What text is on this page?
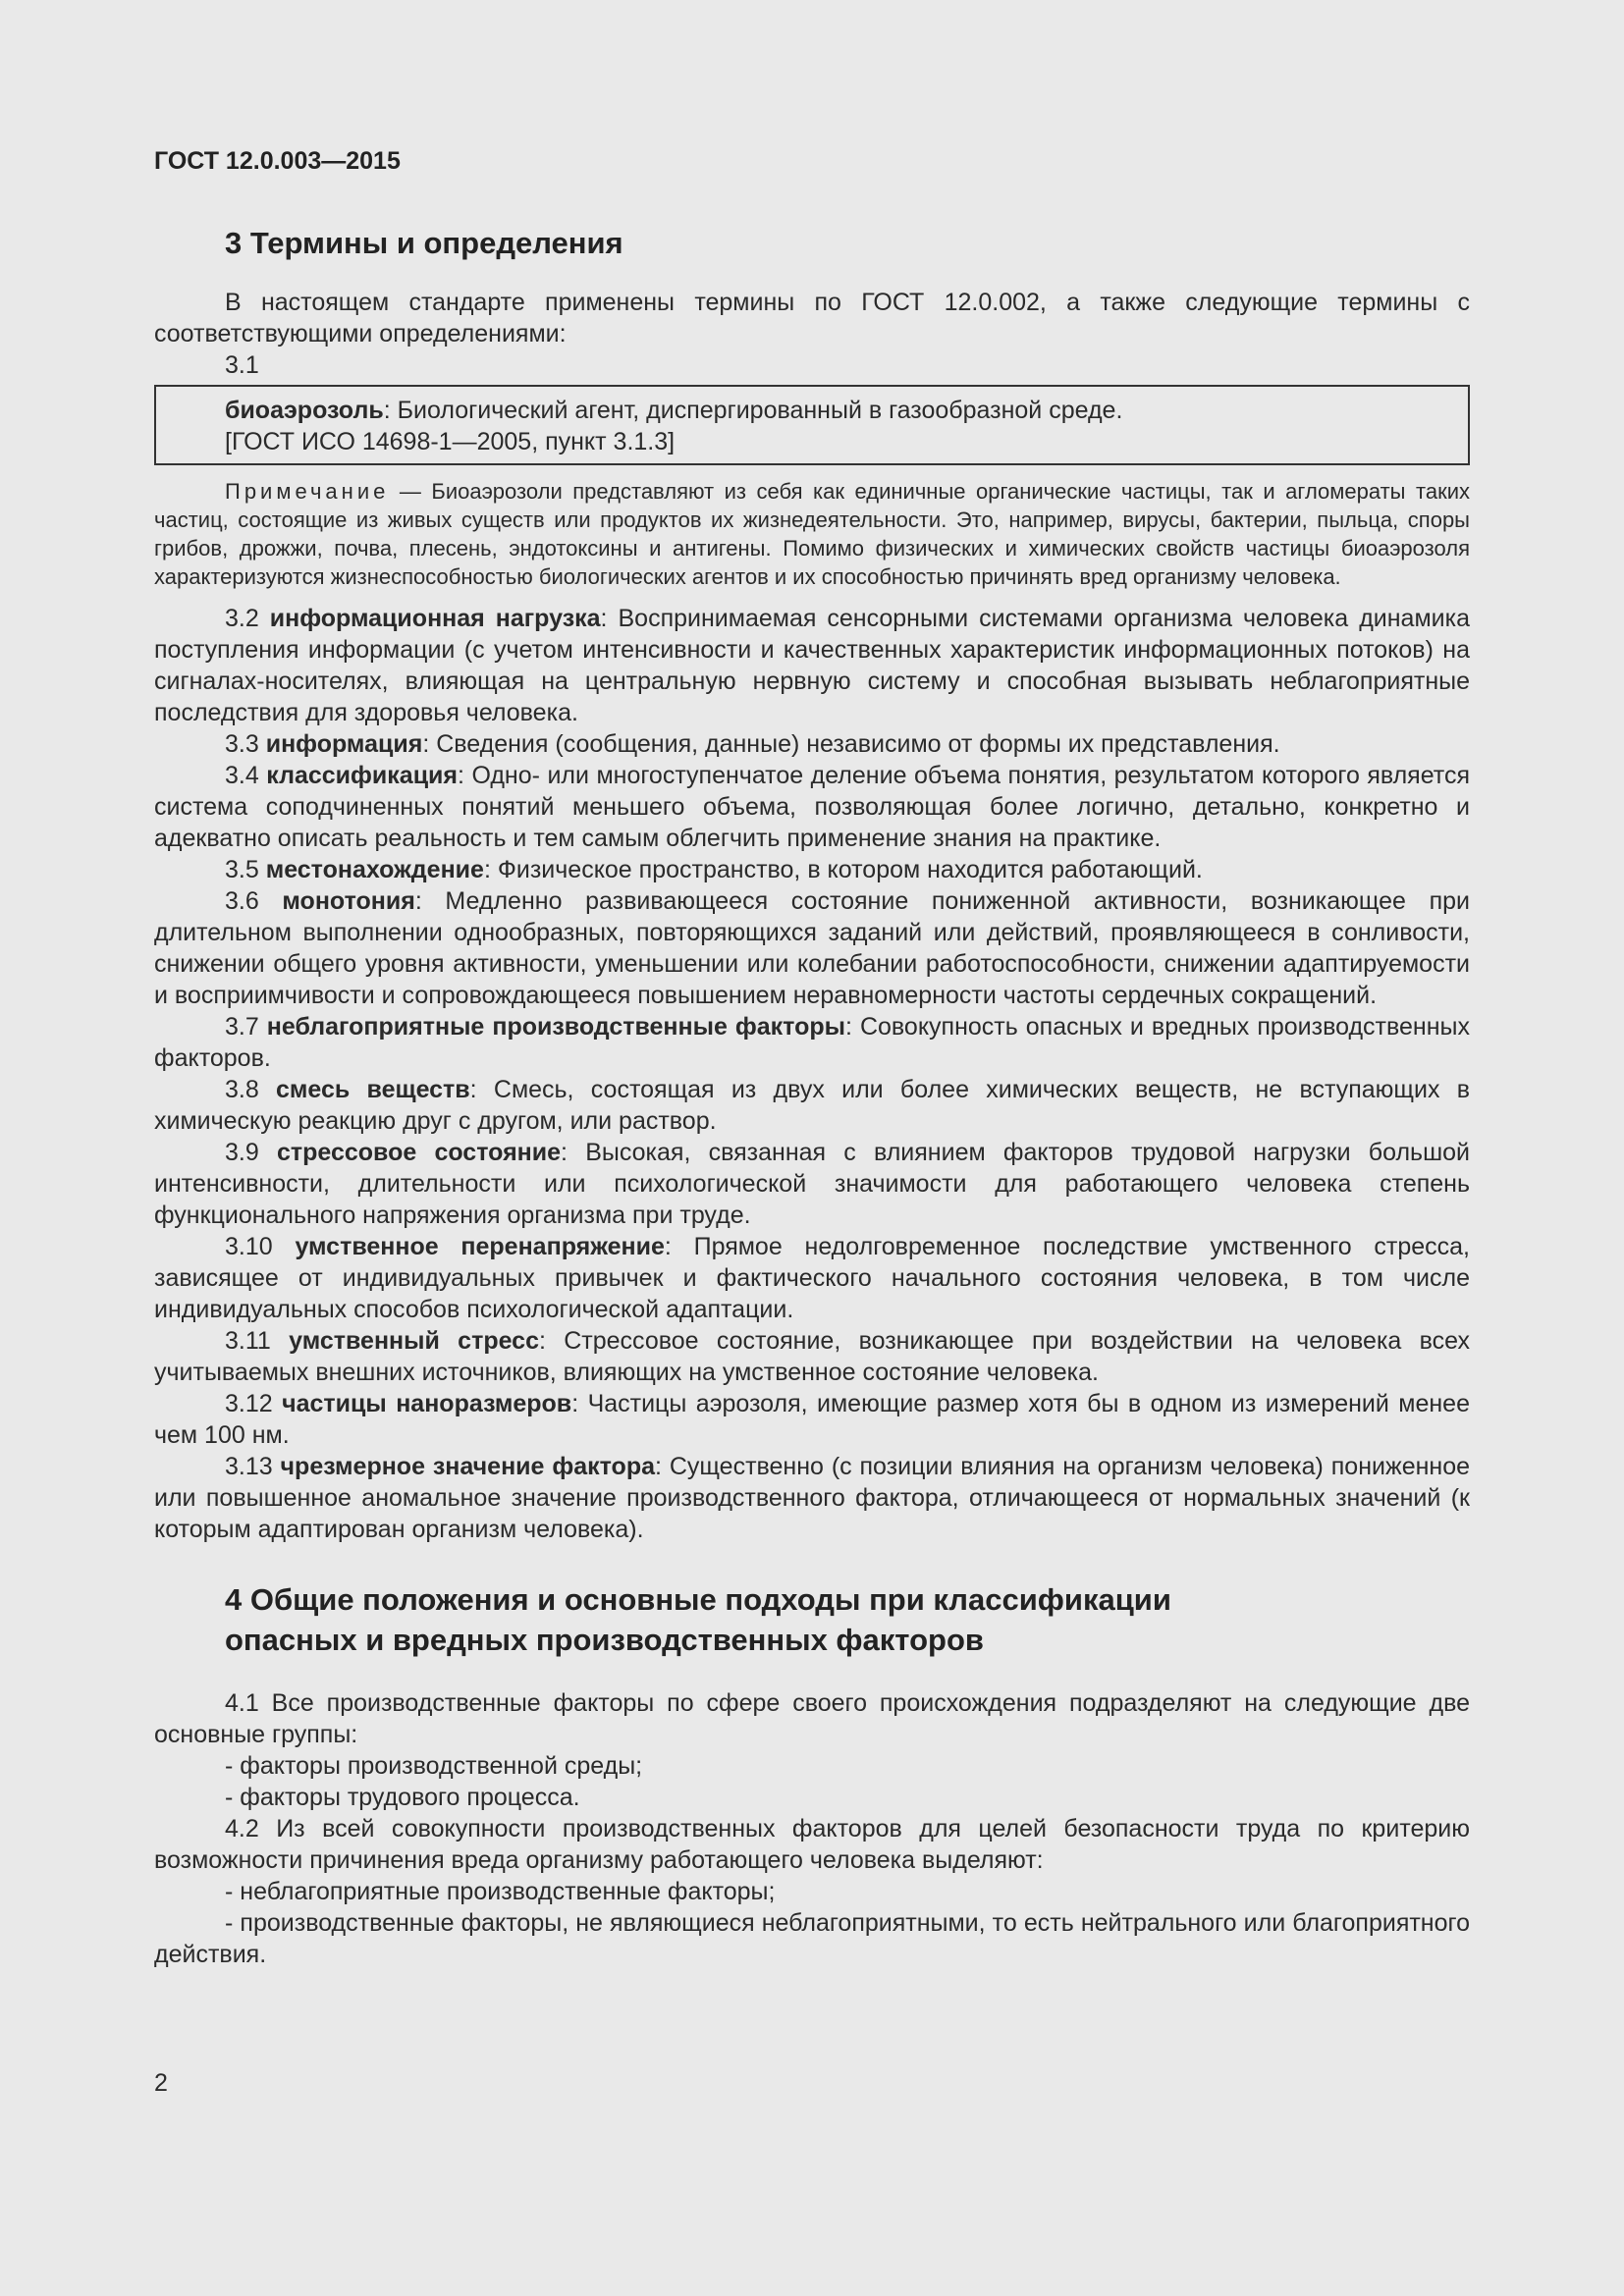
ГОСТ 12.0.003—2015
3 Термины и определения

В настоящем стандарте применены термины по ГОСТ 12.0.002, а также следующие термины с соответствующими определениями:

3.1
биоаэрозоль: Биологический агент, диспергированный в газообразной среде.
[ГОСТ ИСО 14698-1—2005, пункт 3.1.3]
Примечание — Биоаэрозоли представляют из себя как единичные органические частицы, так и агломераты таких частиц, состоящие из живых существ или продуктов их жизнедеятельности. Это, например, вирусы, бактерии, пыльца, споры грибов, дрожжи, почва, плесень, эндотоксины и антигены. Помимо физических и химических свойств частицы биоаэрозоля характеризуются жизнеспособностью биологических агентов и их способностью причинять вред организму человека.

3.2 информационная нагрузка: Воспринимаемая сенсорными системами организма человека динамика поступления информации (с учетом интенсивности и качественных характеристик информационных потоков) на сигналах-носителях, влияющая на центральную нервную систему и способная вызывать неблагоприятные последствия для здоровья человека.

3.3 информация: Сведения (сообщения, данные) независимо от формы их представления.

3.4 классификация: Одно- или многоступенчатое деление объема понятия, результатом которого является система соподчиненных понятий меньшего объема, позволяющая более логично, детально, конкретно и адекватно описать реальность и тем самым облегчить применение знания на практике.

3.5 местонахождение: Физическое пространство, в котором находится работающий.

3.6 монотония: Медленно развивающееся состояние пониженной активности, возникающее при длительном выполнении однообразных, повторяющихся заданий или действий, проявляющееся в сонливости, снижении общего уровня активности, уменьшении или колебании работоспособности, снижении адаптируемости и восприимчивости и сопровождающееся повышением неравномерности частоты сердечных сокращений.

3.7 неблагоприятные производственные факторы: Совокупность опасных и вредных производственных факторов.

3.8 смесь веществ: Смесь, состоящая из двух или более химических веществ, не вступающих в химическую реакцию друг с другом, или раствор.

3.9 стрессовое состояние: Высокая, связанная с влиянием факторов трудовой нагрузки большой интенсивности, длительности или психологической значимости для работающего человека степень функционального напряжения организма при труде.

3.10 умственное перенапряжение: Прямое недолговременное последствие умственного стресса, зависящее от индивидуальных привычек и фактического начального состояния человека, в том числе индивидуальных способов психологической адаптации.

3.11 умственный стресс: Стрессовое состояние, возникающее при воздействии на человека всех учитываемых внешних источников, влияющих на умственное состояние человека.

3.12 частицы наноразмеров: Частицы аэрозоля, имеющие размер хотя бы в одном из измерений менее чем 100 нм.

3.13 чрезмерное значение фактора: Существенно (с позиции влияния на организм человека) пониженное или повышенное аномальное значение производственного фактора, отличающееся от нормальных значений (к которым адаптирован организм человека).

4 Общие положения и основные подходы при классификации
опасных и вредных производственных факторов

4.1 Все производственные факторы по сфере своего происхождения подразделяют на следующие две основные группы:

- факторы производственной среды;
- факторы трудового процесса.

4.2 Из всей совокупности производственных факторов для целей безопасности труда по критерию возможности причинения вреда организму работающего человека выделяют:

- неблагоприятные производственные факторы;

- производственные факторы, не являющиеся неблагоприятными, то есть нейтрального или благоприятного действия.

2
